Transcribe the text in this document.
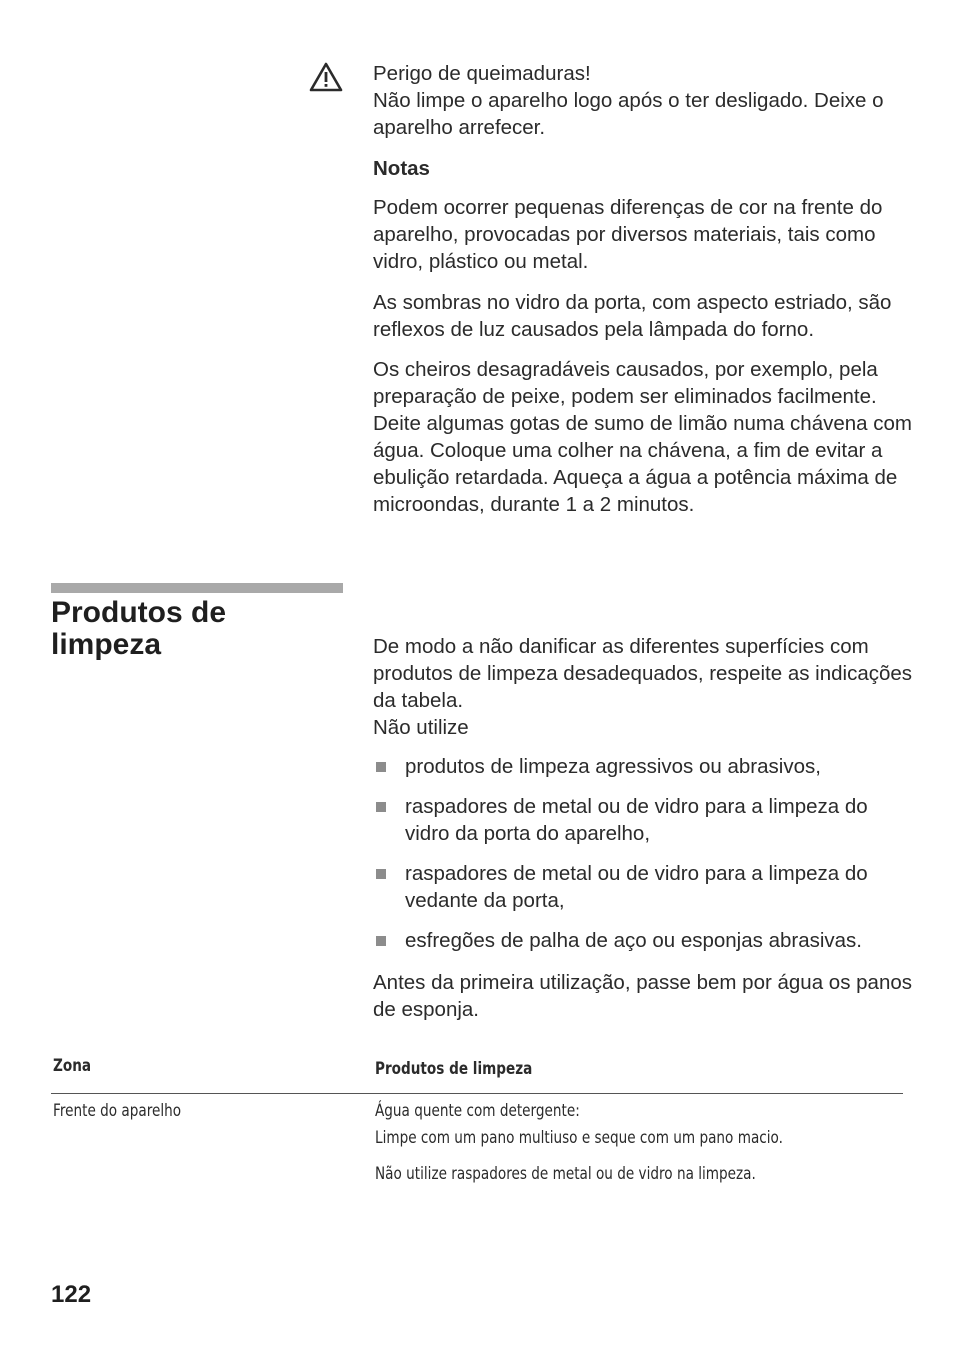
Perigo de queimaduras!
Não limpe o aparelho logo após o ter desligado. Deixe o aparelho arrefecer.
Notas
Podem ocorrer pequenas diferenças de cor na frente do aparelho, provocadas por diversos materiais, tais como vidro, plástico ou metal.
As sombras no vidro da porta, com aspecto estriado, são reflexos de luz causados pela lâmpada do forno.
Os cheiros desagradáveis causados, por exemplo, pela preparação de peixe, podem ser eliminados facilmente. Deite algumas gotas de sumo de limão numa chávena com água. Coloque uma colher na chávena, a fim de evitar a ebulição retardada. Aqueça a água a potência máxima de microondas, durante 1 a 2 minutos.
Produtos de
limpeza	De modo a não danificar as diferentes superfícies com produtos de limpeza desadequados, respeite as indicações da tabela.
Não utilize
produtos de limpeza agressivos ou abrasivos,
raspadores de metal ou de vidro para a limpeza do vidro da porta do aparelho,
raspadores de metal ou de vidro para a limpeza do vedante da porta,
esfregões de palha de aço ou esponjas abrasivas.
Antes da primeira utilização, passe bem por água os panos de esponja.
Zona	Produtos de limpeza
Frente do aparelho	Água quente com detergente:
Limpe com um pano multiuso e seque com um pano macio.
Não utilize raspadores de metal ou de vidro na limpeza.
122
